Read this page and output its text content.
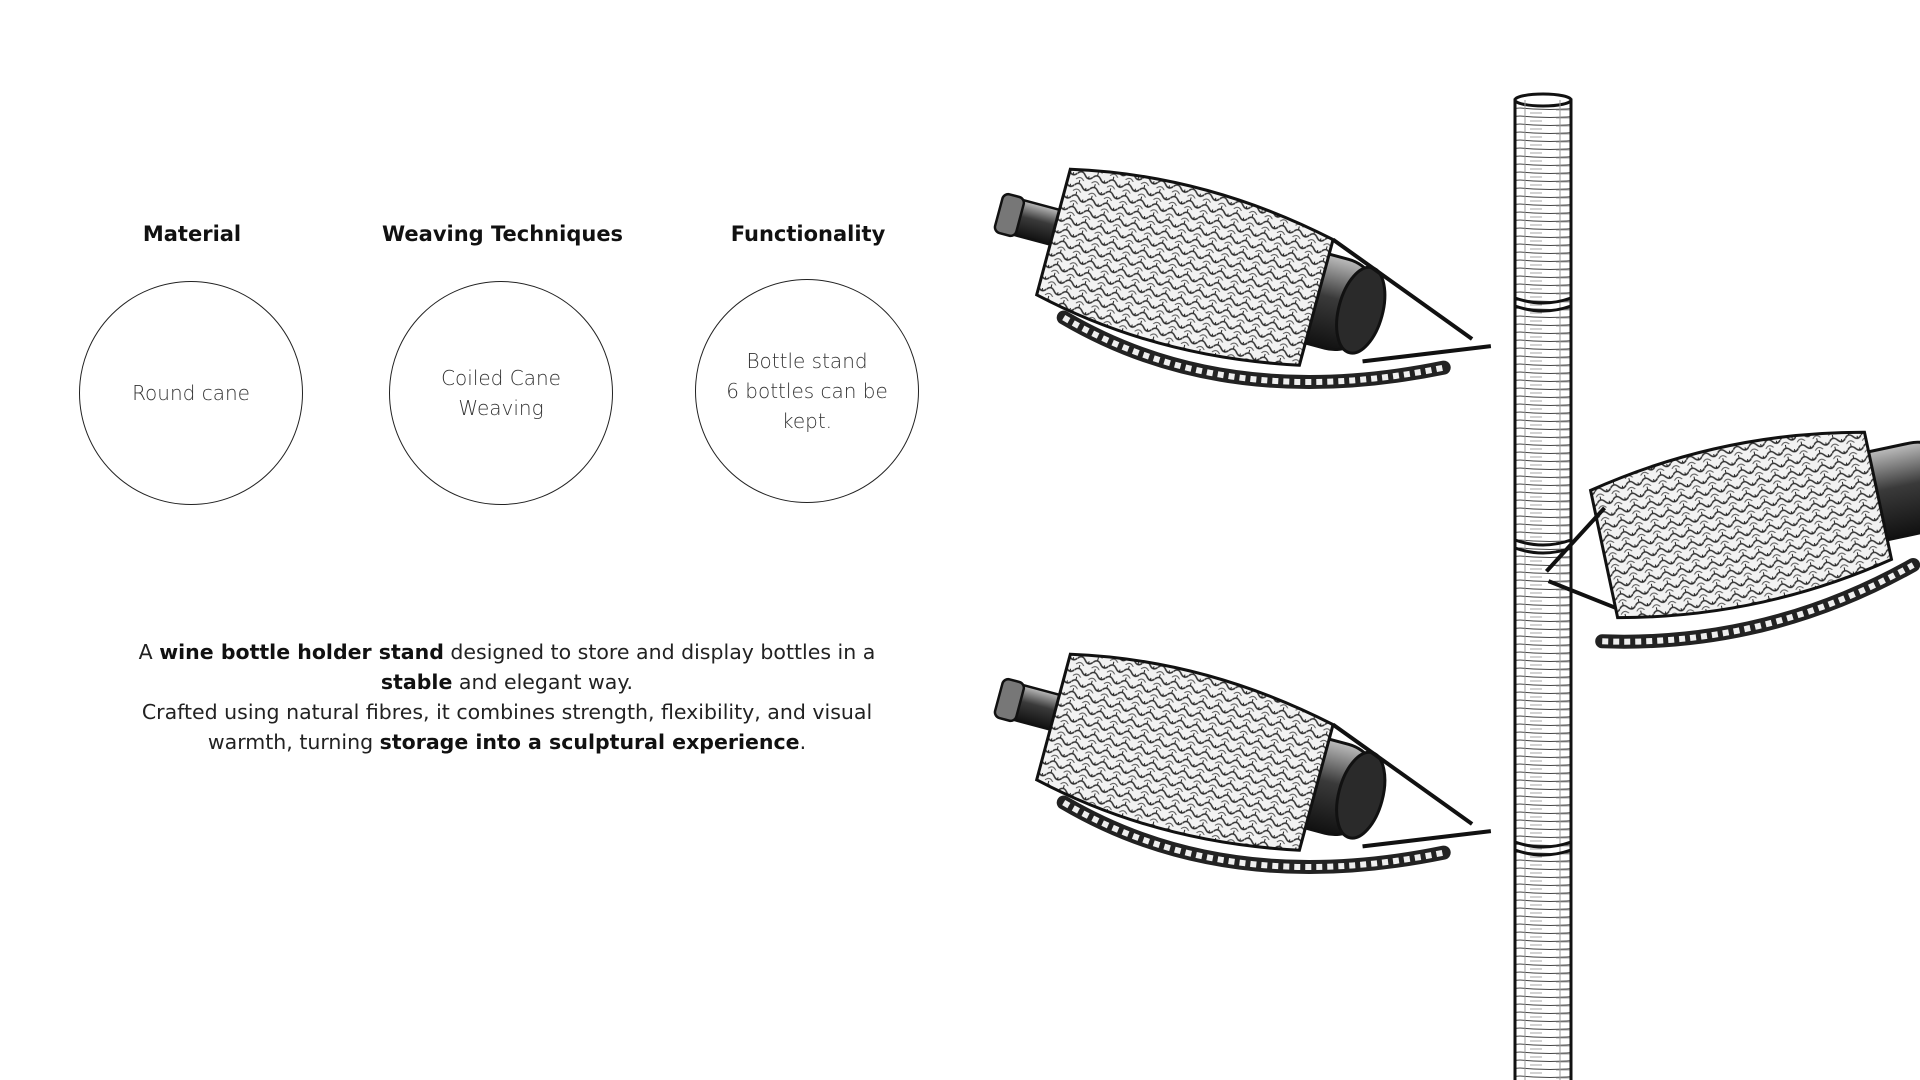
Material
Round cane
Weaving Techniques
Coiled Cane
Weaving
Functionality
Bottle stand
6 bottles can be
kept.
A wine bottle holder stand designed to store and display bottles in a stable and elegant way.
Crafted using natural fibres, it combines strength, flexibility, and visual warmth, turning storage into a sculptural experience.
